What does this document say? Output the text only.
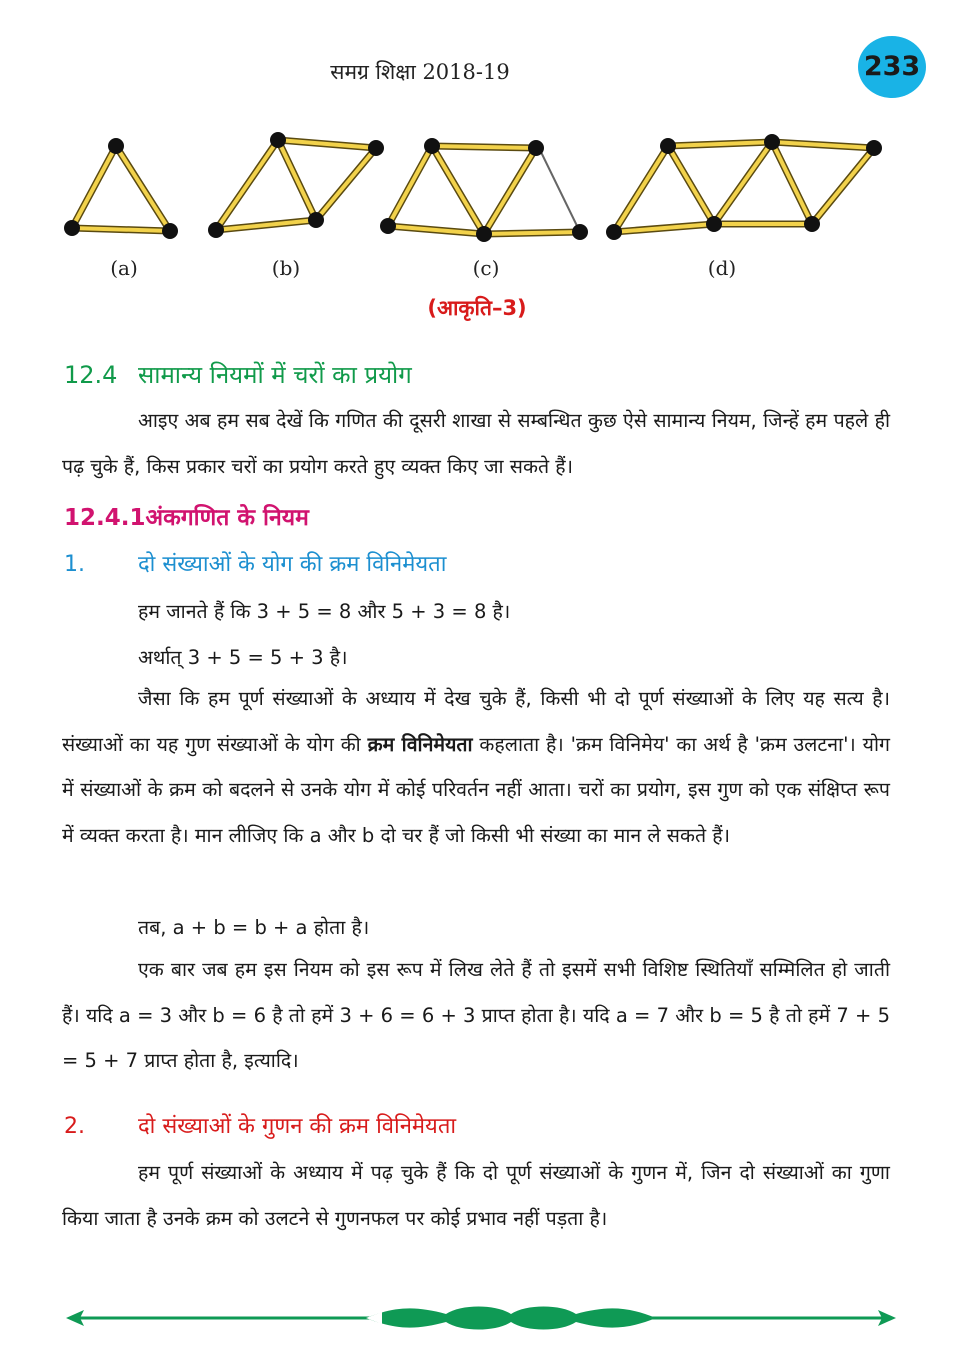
समग्र शिक्षा 2018-19	233
(a)	(b)	(c)	(d)
(आकृति–3)
12.4 सामान्य नियमों में चरों का प्रयोग
आइए अब हम सब देखें कि गणित की दूसरी शाखा से सम्बन्धित कुछ ऐसे सामान्य नियम, जिन्हें हम पहले ही पढ़ चुके हैं, किस प्रकार चरों का प्रयोग करते हुए व्यक्त किए जा सकते हैं।
12.4.1अंकगणित के नियम
1. दो संख्याओं के योग की क्रम विनिमेयता
हम जानते हैं कि 3 + 5 = 8 और 5 + 3 = 8 है।
अर्थात् 3 + 5 = 5 + 3 है।
जैसा कि हम पूर्ण संख्याओं के अध्याय में देख चुके हैं, किसी भी दो पूर्ण संख्याओं के लिए यह सत्य है। संख्याओं का यह गुण संख्याओं के योग की क्रम विनिमेयता कहलाता है। 'क्रम विनिमेय' का अर्थ है 'क्रम उलटना'। योग में संख्याओं के क्रम को बदलने से उनके योग में कोई परिवर्तन नहीं आता। चरों का प्रयोग, इस गुण को एक संक्षिप्त रूप में व्यक्त करता है। मान लीजिए कि a और b दो चर हैं जो किसी भी संख्या का मान ले सकते हैं।
तब, a + b = b + a होता है।
एक बार जब हम इस नियम को इस रूप में लिख लेते हैं तो इसमें सभी विशिष्ट स्थितियाँ सम्मिलित हो जाती हैं। यदि a = 3 और b = 6 है तो हमें 3 + 6 = 6 + 3 प्राप्त होता है। यदि a = 7 और b = 5 है तो हमें 7 + 5 = 5 + 7 प्राप्त होता है, इत्यादि।
2. दो संख्याओं के गुणन की क्रम विनिमेयता
हम पूर्ण संख्याओं के अध्याय में पढ़ चुके हैं कि दो पूर्ण संख्याओं के गुणन में, जिन दो संख्याओं का गुणा किया जाता है उनके क्रम को उलटने से गुणनफल पर कोई प्रभाव नहीं पड़ता है।
